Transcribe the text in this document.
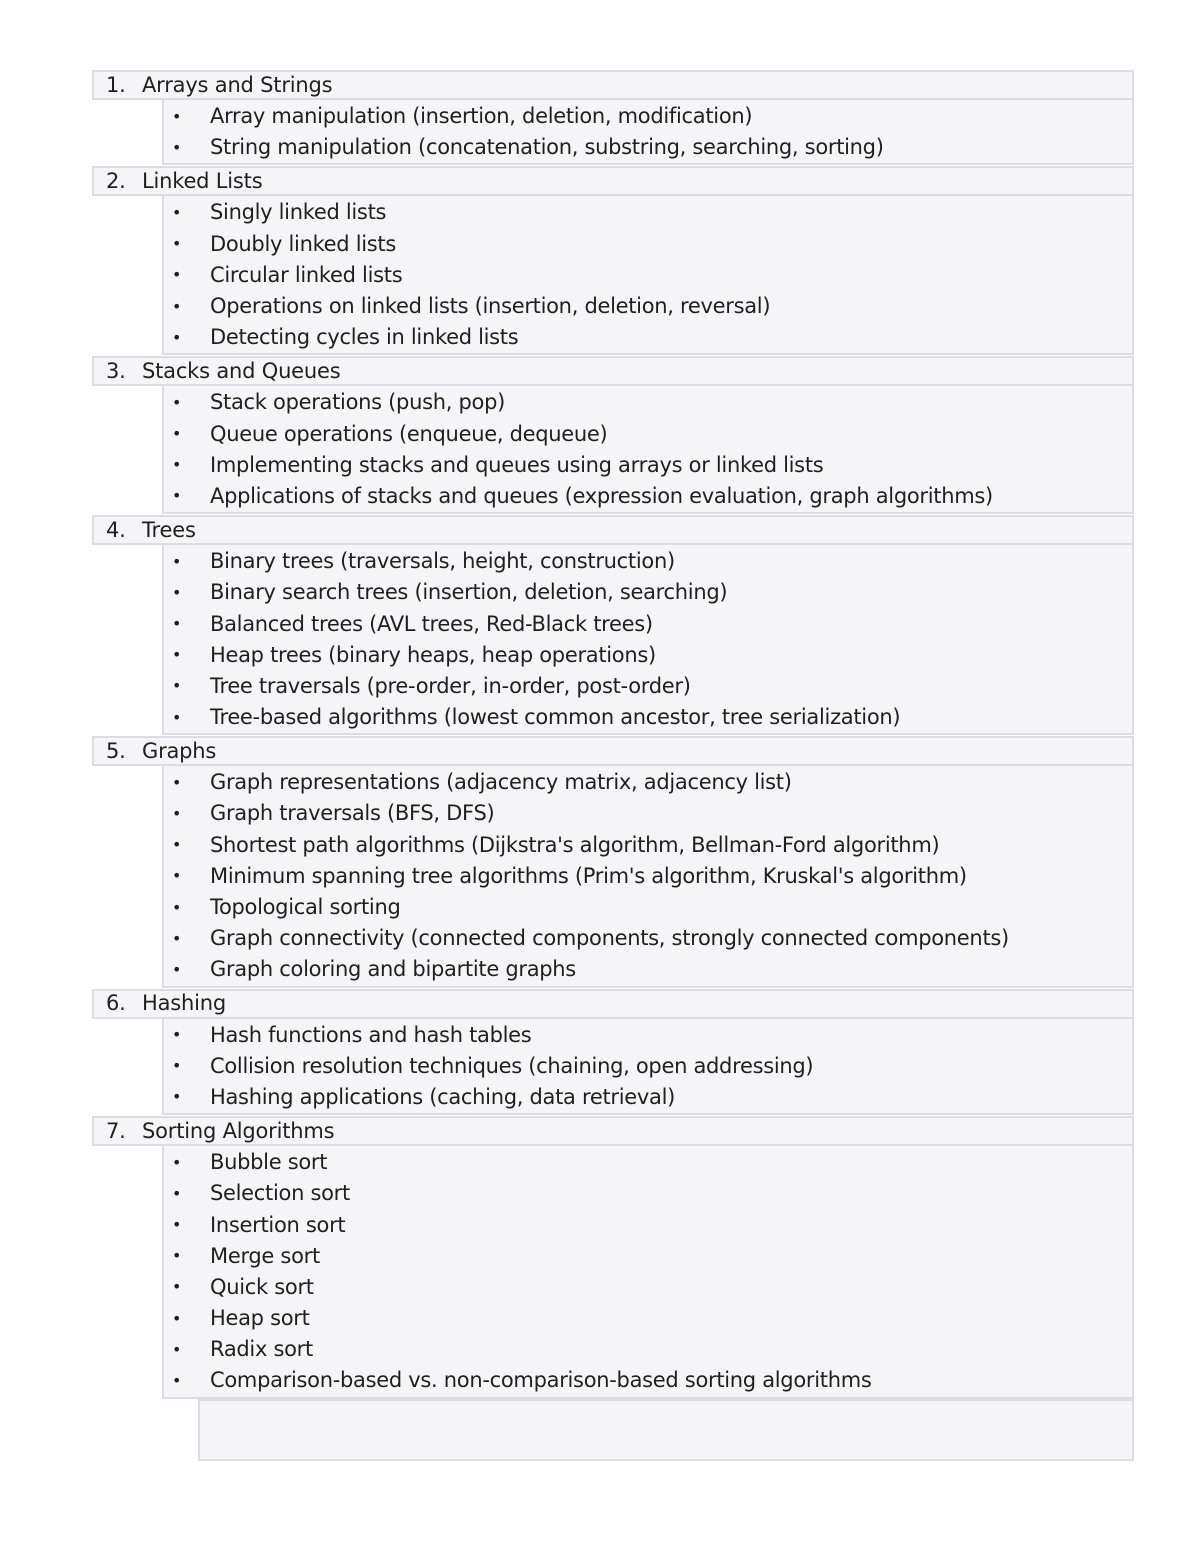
1. Arrays and Strings
•	Array manipulation (insertion, deletion, modification)
•	String manipulation (concatenation, substring, searching, sorting)
2. Linked Lists
•	Singly linked lists
•	Doubly linked lists
•	Circular linked lists
•	Operations on linked lists (insertion, deletion, reversal)
•	Detecting cycles in linked lists
3. Stacks and Queues
•	Stack operations (push, pop)
•	Queue operations (enqueue, dequeue)
•	Implementing stacks and queues using arrays or linked lists
•	Applications of stacks and queues (expression evaluation, graph algorithms)
4. Trees
•	Binary trees (traversals, height, construction)
•	Binary search trees (insertion, deletion, searching)
•	Balanced trees (AVL trees, Red-Black trees)
•	Heap trees (binary heaps, heap operations)
•	Tree traversals (pre-order, in-order, post-order)
•	Tree-based algorithms (lowest common ancestor, tree serialization)
5. Graphs
•	Graph representations (adjacency matrix, adjacency list)
•	Graph traversals (BFS, DFS)
•	Shortest path algorithms (Dijkstra's algorithm, Bellman-Ford algorithm)
•	Minimum spanning tree algorithms (Prim's algorithm, Kruskal's algorithm)
•	Topological sorting
•	Graph connectivity (connected components, strongly connected components)
•	Graph coloring and bipartite graphs
6. Hashing
•	Hash functions and hash tables
•	Collision resolution techniques (chaining, open addressing)
•	Hashing applications (caching, data retrieval)
7. Sorting Algorithms
•	Bubble sort
•	Selection sort
•	Insertion sort
•	Merge sort
•	Quick sort
•	Heap sort
•	Radix sort
•	Comparison-based vs. non-comparison-based sorting algorithms
